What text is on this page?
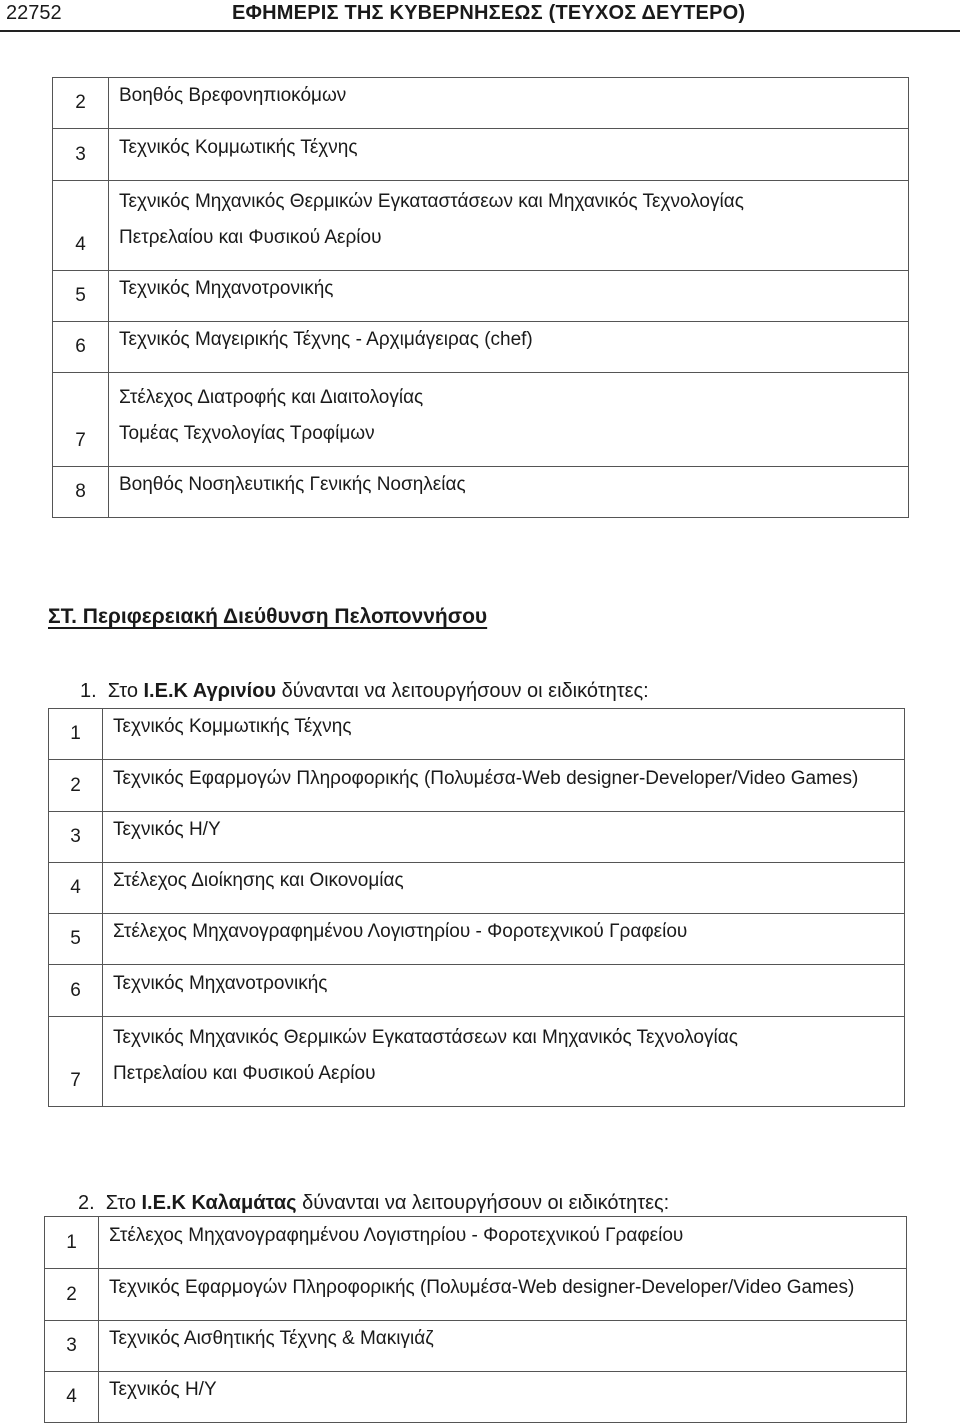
22752	ΕΦΗΜΕΡΙΣ ΤΗΣ ΚΥΒΕΡΝΗΣΕΩΣ (ΤΕΥΧΟΣ ΔΕΥΤΕΡΟ)
2	Βοηθός Βρεφονηπιοκόμων

3	Τεχνικός Κομμωτικής Τέχνης

4	Τεχνικός Μηχανικός Θερμικών Εγκαταστάσεων και Μηχανικός Τεχνολογίας
Πετρελαίου και Φυσικού Αερίου

5	Τεχνικός Μηχανοτρονικής

6	Τεχνικός Μαγειρικής Τέχνης - Αρχιμάγειρας (chef)

7	Στέλεχος Διατροφής και Διαιτολογίας
Τομέας Τεχνολογίας Τροφίμων

8	Βοηθός Νοσηλευτικής Γενικής Νοσηλείας
ΣΤ. Περιφερειακή Διεύθυνση Πελοποννήσου
1.  Στο Ι.Ε.Κ Αγρινίου δύνανται να λειτουργήσουν οι ειδικότητες:
1	Τεχνικός Κομμωτικής Τέχνης

2	Τεχνικός Εφαρμογών Πληροφορικής (Πολυμέσα-Web designer-Developer/Video Games)

3	Τεχνικός Η/Υ

4	Στέλεχος Διοίκησης και Οικονομίας

5	Στέλεχος Μηχανογραφημένου Λογιστηρίου - Φοροτεχνικού Γραφείου

6	Τεχνικός Μηχανοτρονικής

7	Τεχνικός Μηχανικός Θερμικών Εγκαταστάσεων και Μηχανικός Τεχνολογίας
Πετρελαίου και Φυσικού Αερίου
2.  Στο Ι.Ε.Κ Καλαμάτας δύνανται να λειτουργήσουν οι ειδικότητες:
1	Στέλεχος Μηχανογραφημένου Λογιστηρίου - Φοροτεχνικού Γραφείου

2	Τεχνικός Εφαρμογών Πληροφορικής (Πολυμέσα-Web designer-Developer/Video Games)

3	Τεχνικός Αισθητικής Τέχνης & Μακιγιάζ

4	Τεχνικός Η/Υ
